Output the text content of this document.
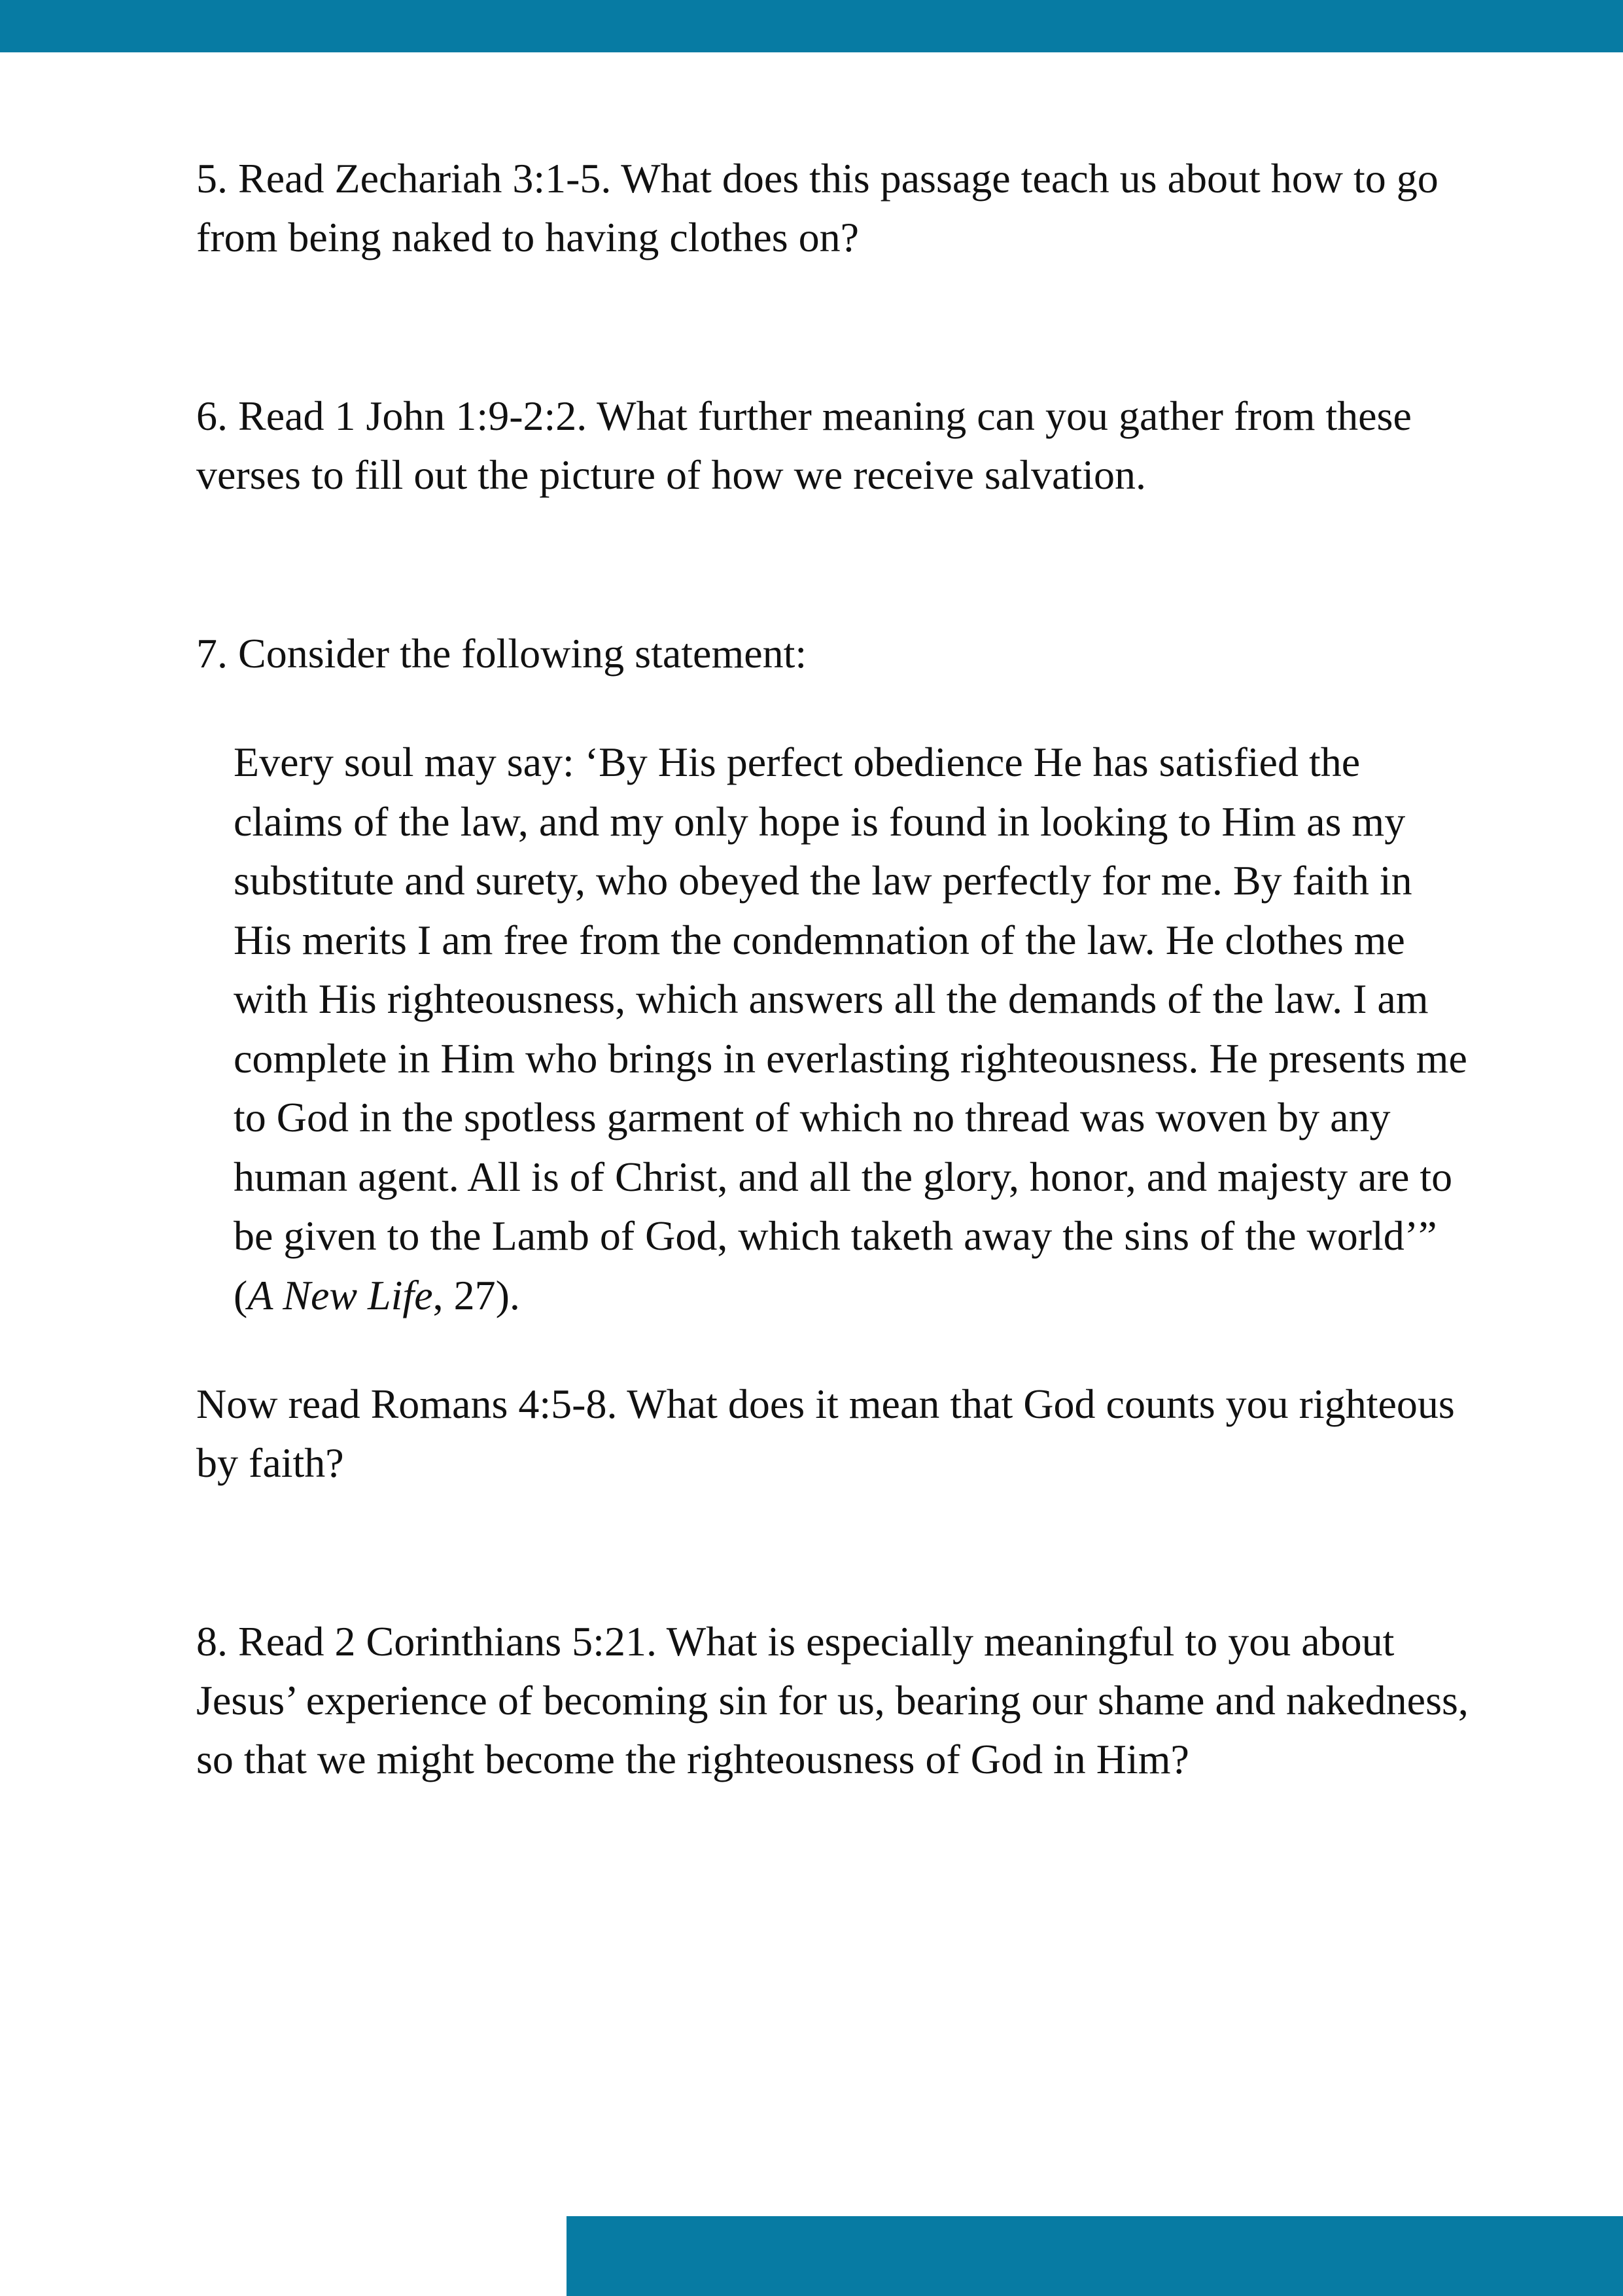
5. Read Zechariah 3:1-5. What does this passage teach us about how to go from being naked to having clothes on?

6. Read 1 John 1:9-2:2. What further meaning can you gather from these verses to fill out the picture of how we receive salvation.

7. Consider the following statement:

Every soul may say: ‘By His perfect obedience He has satisfied the claims of the law, and my only hope is found in looking to Him as my substitute and surety, who obeyed the law perfectly for me. By faith in His merits I am free from the condemnation of the law. He clothes me with His righteousness, which answers all the demands of the law. I am complete in Him who brings in everlasting righteousness. He presents me to God in the spotless garment of which no thread was woven by any human agent. All is of Christ, and all the glory, honor, and majesty are to be given to the Lamb of God, which taketh away the sins of the world’” (A New Life, 27).

Now read Romans 4:5-8. What does it mean that God counts you righteous by faith?

8. Read 2 Corinthians 5:21. What is especially meaningful to you about Jesus’ experience of becoming sin for us, bearing our shame and nakedness, so that we might become the righteousness of God in Him?
